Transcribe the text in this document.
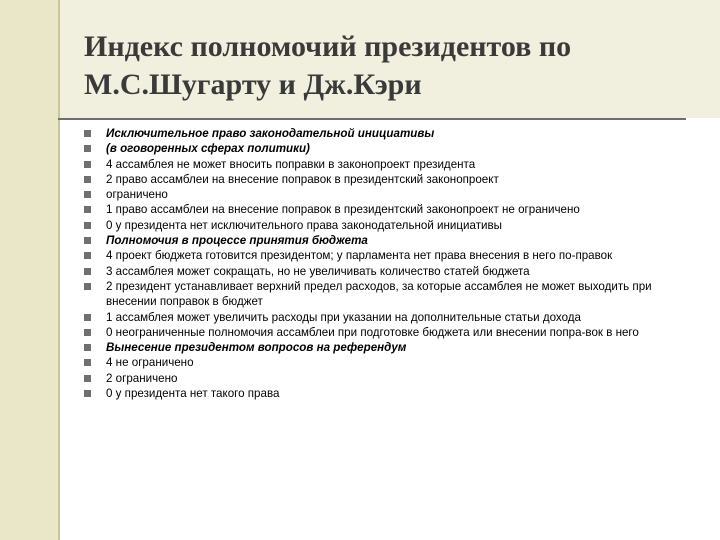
Индекс полномочий президентов по М.С.Шугарту и Дж.Кэри
Исключительное право законодательной инициативы
(в оговоренных сферах политики)
4 ассамблея не может вносить поправки в законопроект президента
2 право ассамблеи на внесение поправок в президентский законопроект
ограничено
1 право ассамблеи на внесение поправок в президентский законопроект не ограничено
0 у президента нет исключительного права законодательной инициативы
Полномочия в процессе принятия бюджета
4 проект бюджета готовится президентом; у парламента нет права внесения в него по-правок
3 ассамблея может сокращать, но не увеличивать количество статей бюджета
2 президент устанавливает верхний предел расходов, за которые ассамблея не может выходить при внесении поправок в бюджет
1 ассамблея может увеличить расходы при указании на дополнительные статьи дохода
0 неограниченные полномочия ассамблеи при подготовке бюджета или внесении попра-вок в него
Вынесение президентом вопросов на референдум
4 не ограничено
2 ограничено
0 у президента нет такого права
